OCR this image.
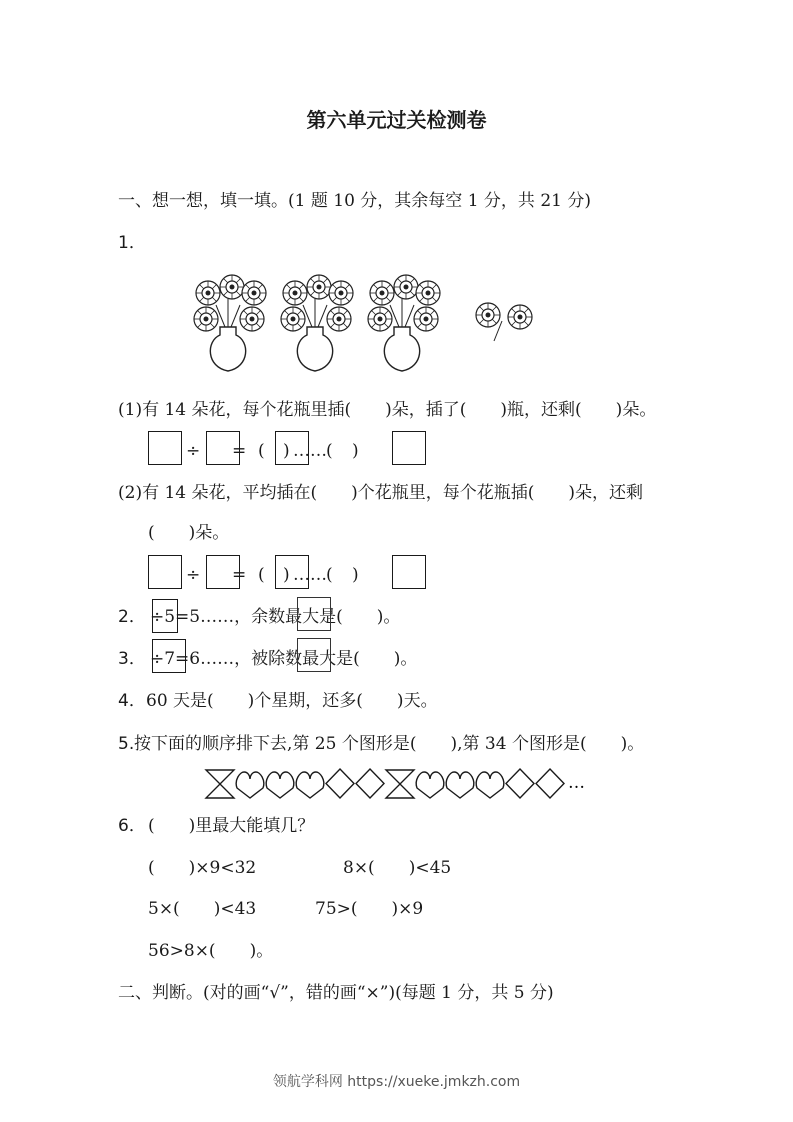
第六单元过关检测卷
一、想一想，填一填。(1 题 10 分，其余每空 1 分，共 21 分)
1．
(1)有 14 朵花，每个花瓶里插(　　)朵，插了(　　)瓶，还剩(　　)朵。
÷ = ( ) …… ( )
(2)有 14 朵花，平均插在(　　)个花瓶里，每个花瓶插(　　)朵，还剩
(　　)朵。
÷ = ( ) …… ( )
2． ÷5=5……，余数最大是(　　)。
3． ÷7=6……，被除数最大是(　　)。
4． 60 天是(　　)个星期，还多(　　)天。
5. 按下面的顺序排下去,第 25 个图形是(　　),第 34 个图形是(　　)。
…
6． (　　)里最大能填几？
(　　)×9<32	8×(　　)<45
5×(　　)<43	75>(　　)×9
56>8×(　　)。
二、判断。(对的画“√”，错的画“×”)(每题 1 分，共 5 分)
领航学科网 https://xueke.jmkzh.com
